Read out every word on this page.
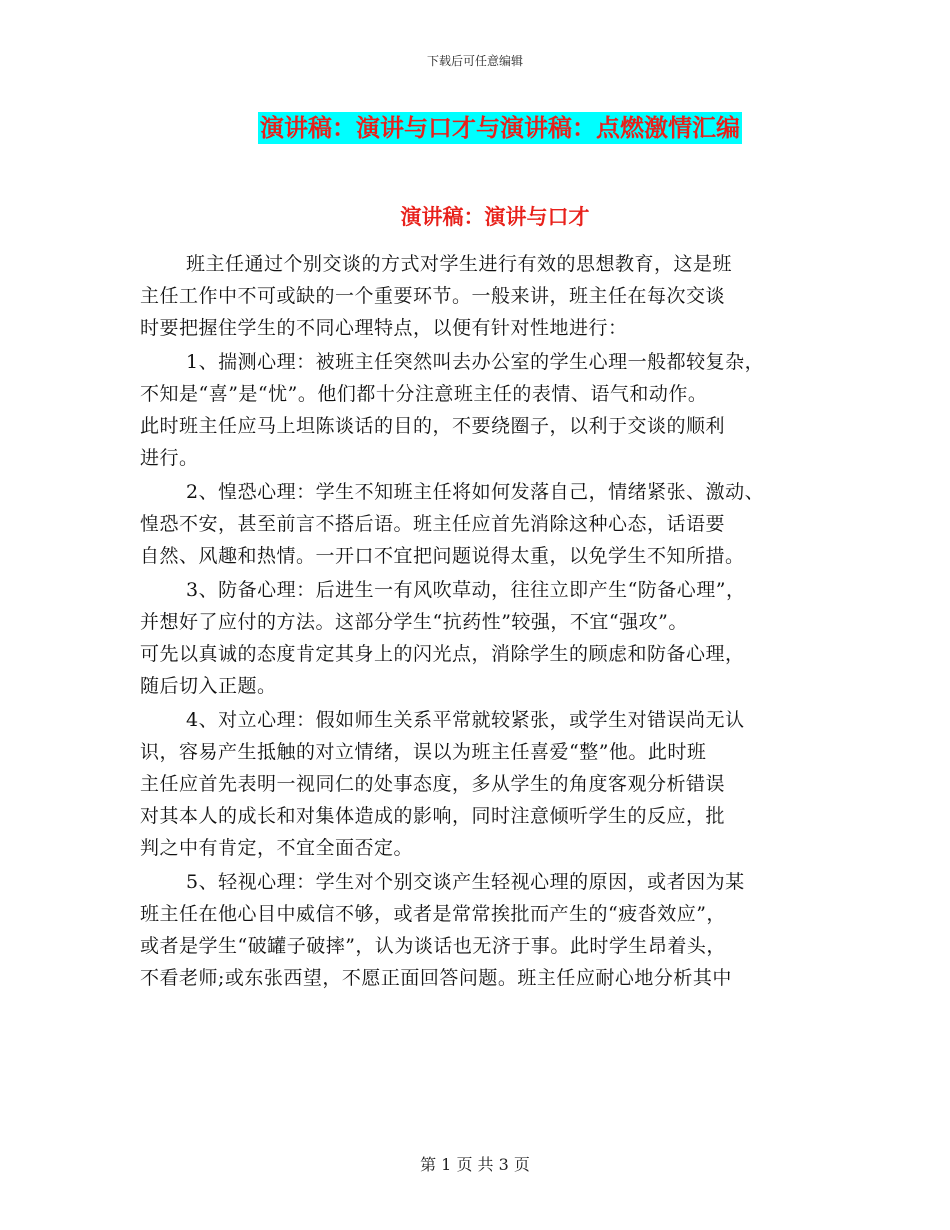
下载后可任意编辑
演讲稿：演讲与口才与演讲稿：点燃激情汇编
演讲稿：演讲与口才
班主任通过个别交谈的方式对学生进行有效的思想教育，这是班
主任工作中不可或缺的一个重要环节。一般来讲，班主任在每次交谈
时要把握住学生的不同心理特点，以便有针对性地进行：
1、揣测心理：被班主任突然叫去办公室的学生心理一般都较复杂，
不知是“喜”是“忧”。他们都十分注意班主任的表情、语气和动作。
此时班主任应马上坦陈谈话的目的，不要绕圈子，以利于交谈的顺利
进行。
2、惶恐心理：学生不知班主任将如何发落自己，情绪紧张、激动、
惶恐不安，甚至前言不搭后语。班主任应首先消除这种心态，话语要
自然、风趣和热情。一开口不宜把问题说得太重，以免学生不知所措。
3、防备心理：后进生一有风吹草动，往往立即产生“防备心理”，
并想好了应付的方法。这部分学生“抗药性”较强，不宜“强攻”。
可先以真诚的态度肯定其身上的闪光点，消除学生的顾虑和防备心理，
随后切入正题。
4、对立心理：假如师生关系平常就较紧张，或学生对错误尚无认
识，容易产生抵触的对立情绪，误以为班主任喜爱“整”他。此时班
主任应首先表明一视同仁的处事态度，多从学生的角度客观分析错误
对其本人的成长和对集体造成的影响，同时注意倾听学生的反应，批
判之中有肯定，不宜全面否定。
5、轻视心理：学生对个别交谈产生轻视心理的原因，或者因为某
班主任在他心目中威信不够，或者是常常挨批而产生的“疲沓效应”，
或者是学生“破罐子破摔”，认为谈话也无济于事。此时学生昂着头，
不看老师;或东张西望，不愿正面回答问题。班主任应耐心地分析其中
第 1 页 共 3 页
